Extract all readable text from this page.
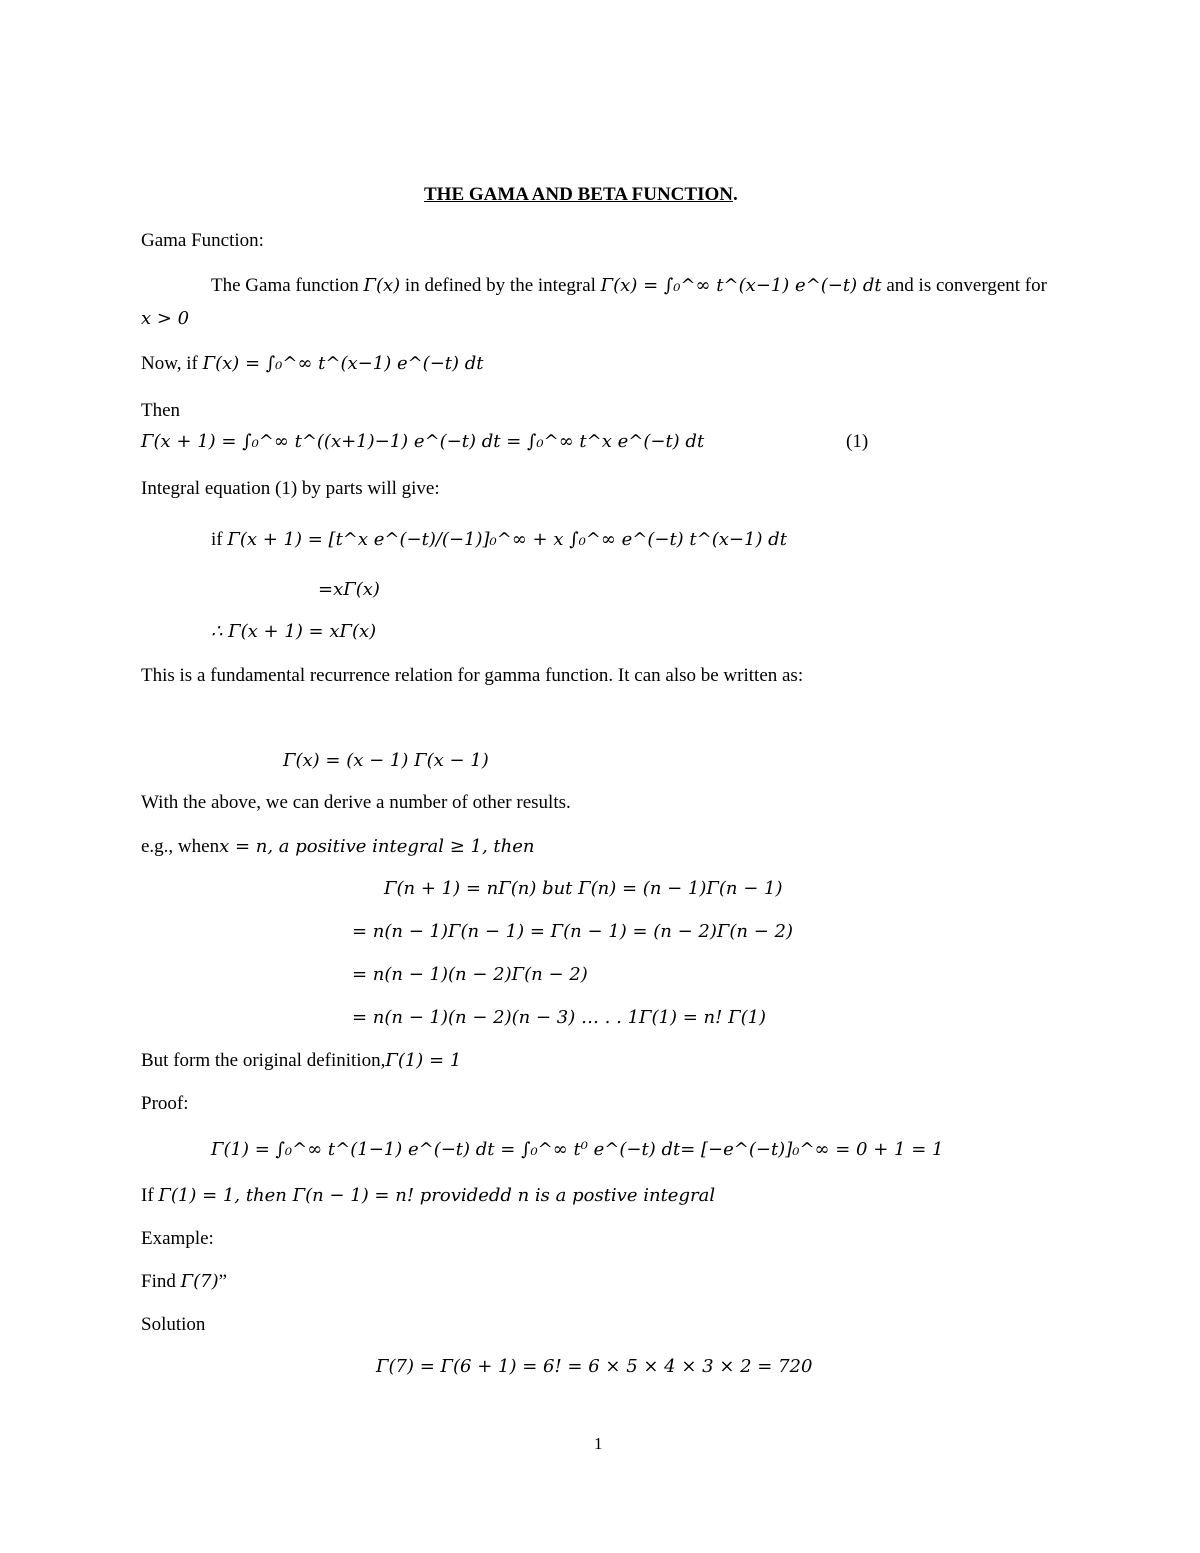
THE GAMA AND BETA FUNCTION.
Gama Function:
The Gama function Γ(x) in defined by the integral Γ(x) = ∫₀^∞ t^(x−1) e^(−t) dt and is convergent for
x > 0
Now, if Γ(x) = ∫₀^∞ t^(x−1) e^(−t) dt
Then
Γ(x + 1) = ∫₀^∞ t^((x+1)−1) e^(−t) dt = ∫₀^∞ t^x e^(−t) dt	(1)
Integral equation (1) by parts will give:
if Γ(x + 1) = [t^x e^(−t)/(−1)]₀^∞ + x ∫₀^∞ e^(−t) t^(x−1) dt
=xΓ(x)
∴ Γ(x + 1) = xΓ(x)
This is a fundamental recurrence relation for gamma function. It can also be written as:
Γ(x) = (x − 1) Γ(x − 1)
With the above, we can derive a number of other results.
e.g., whenx = n, a positive integral ≥ 1, then
Γ(n + 1) = nΓ(n) but Γ(n) = (n − 1)Γ(n − 1)
= n(n − 1)Γ(n − 1) = Γ(n − 1) = (n − 2)Γ(n − 2)
= n(n − 1)(n − 2)Γ(n − 2)
= n(n − 1)(n − 2)(n − 3) … . . 1Γ(1) = n! Γ(1)
But form the original definition,Γ(1) = 1
Proof:
Γ(1) = ∫₀^∞ t^(1−1) e^(−t) dt = ∫₀^∞ t⁰ e^(−t) dt= [−e^(−t)]₀^∞ = 0 + 1 = 1
If Γ(1) = 1, then Γ(n − 1) = n! providedd n is a postive integral
Example:
Find Γ(7)”
Solution
Γ(7) = Γ(6 + 1) = 6! = 6 × 5 × 4 × 3 × 2 = 720
1
